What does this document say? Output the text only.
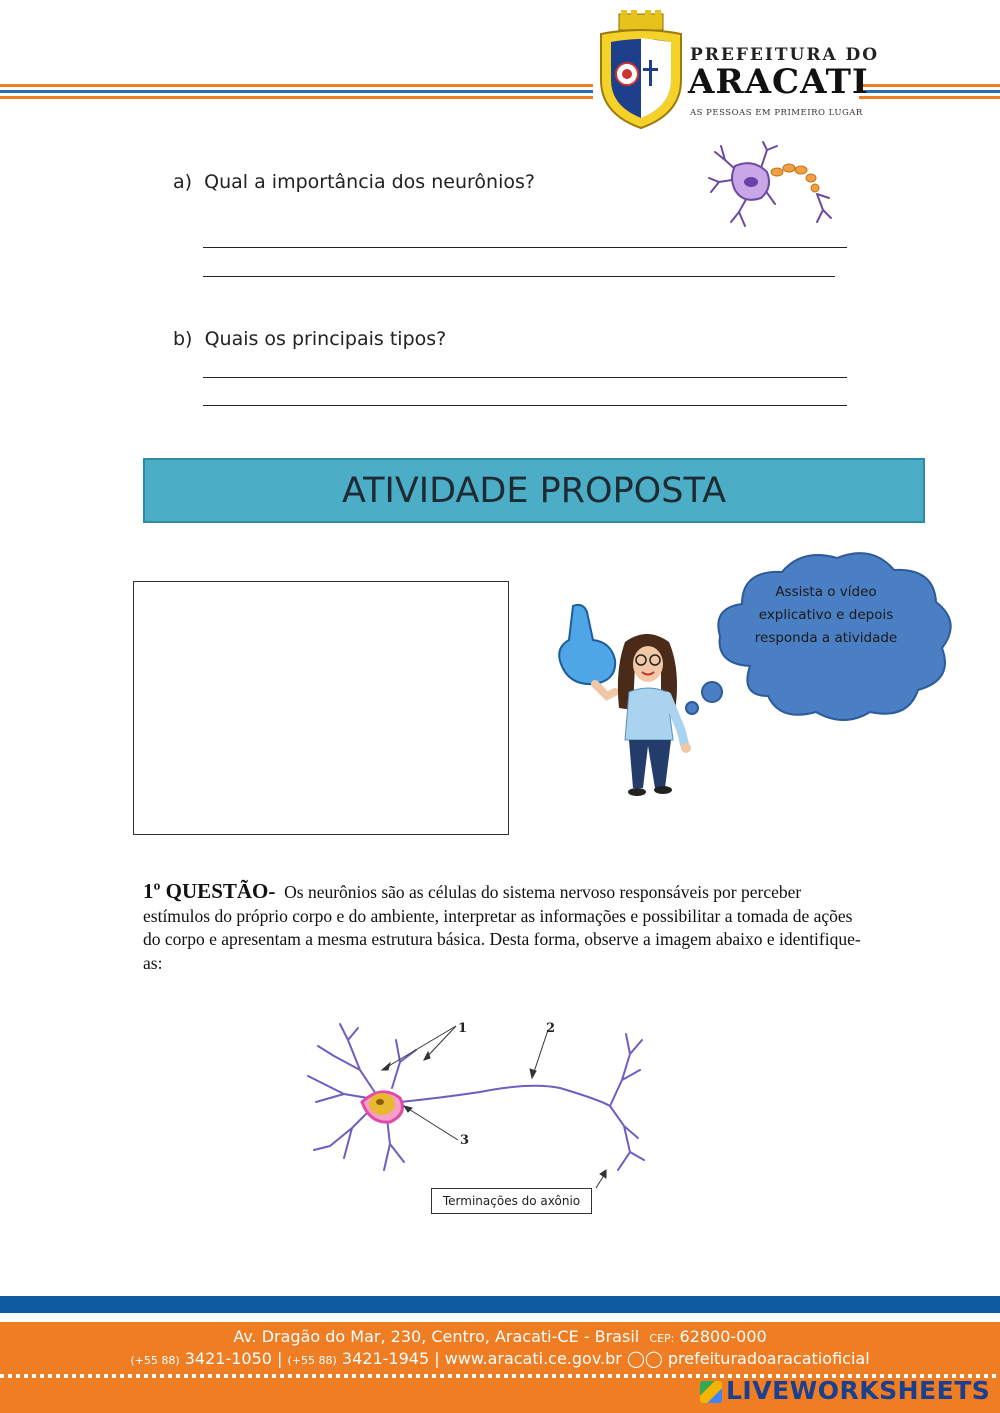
PREFEITURA DO
ARACATI
AS PESSOAS EM PRIMEIRO LUGAR
a) Qual a importância dos neurônios?
b) Quais os principais tipos?
ATIVIDADE PROPOSTA
Assista o vídeo
explicativo e depois
responda a atividade
1º QUESTÃO- Os neurônios são as células do sistema nervoso responsáveis por perceber estímulos do próprio corpo e do ambiente, interpretar as informações e possibilitar a tomada de ações do corpo e apresentam a mesma estrutura básica. Desta forma, observe a imagem abaixo e identifique-as:
1	2
3
Terminações do axônio
Av. Dragão do Mar, 230, Centro, Aracati-CE - Brasil CEP: 62800-000
(+55 88) 3421-1050 | (+55 88) 3421-1945 | www.aracati.ce.gov.br ◯◯ prefeituradoaracatioficial
LIVEWORKSHEETS
